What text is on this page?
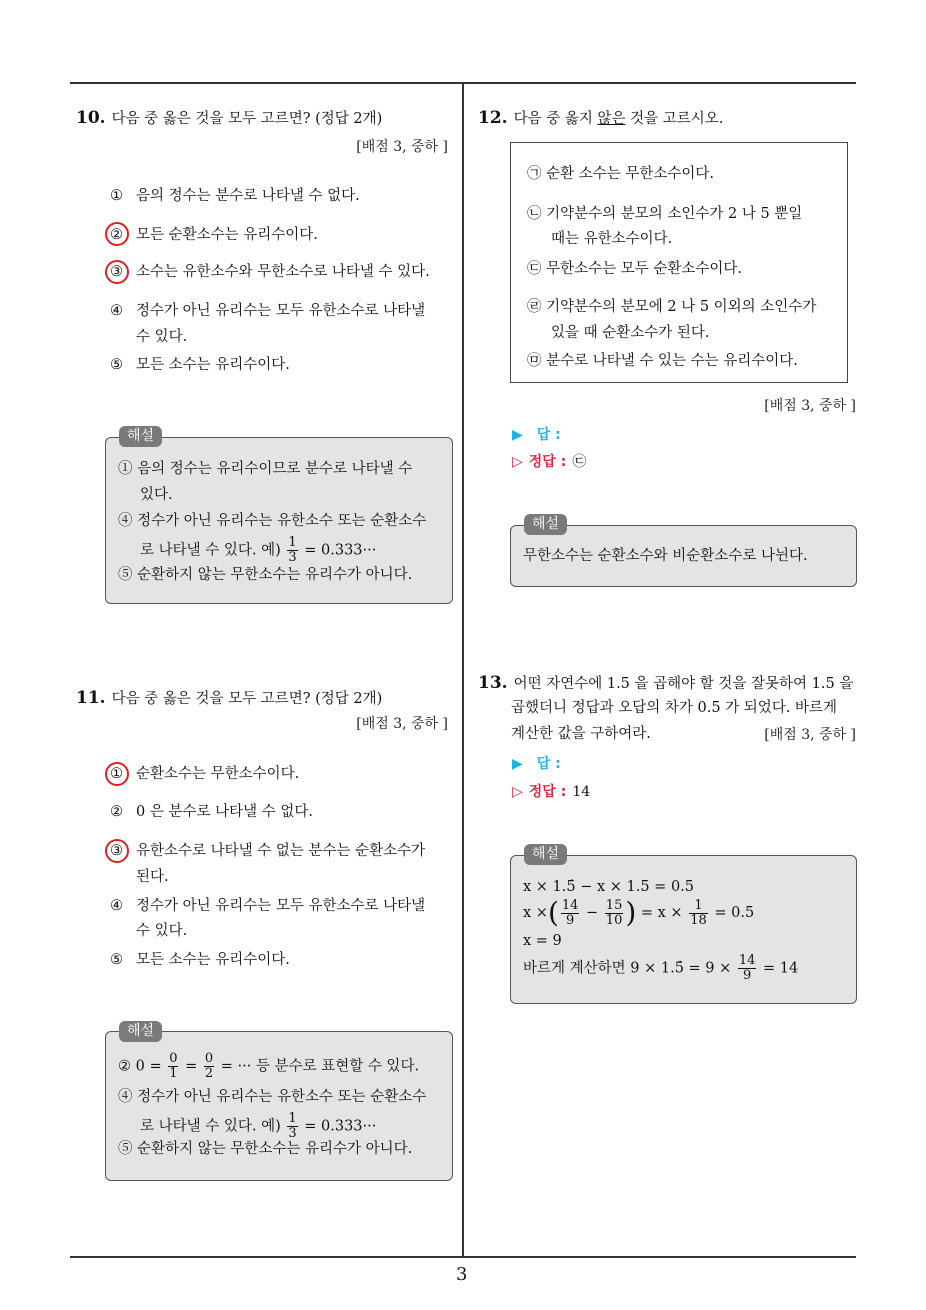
3
10. 다음 중 옳은 것을 모두 고르면? (정답 2개)
[배점 3, 중하 ]
① 음의 정수는 분수로 나타낼 수 없다.
② 모든 순환소수는 유리수이다.
③ 소수는 유한소수와 무한소수로 나타낼 수 있다.
④ 정수가 아닌 유리수는 모두 유한소수로 나타낼
수 있다.
⑤ 모든 소수는 유리수이다.
① 음의 정수는 유리수이므로 분수로 나타낼 수
있다.
④ 정수가 아닌 유리수는 유한소수 또는 순환소수
로 나타낼 수 있다. 예) $\frac{1}{3} = 0.333\cdot\cdot\cdot$
⑤ 순환하지 않는 무한소수는 유리수가 아니다.
해설
11. 다음 중 옳은 것을 모두 고르면? (정답 2개)
[배점 3, 중하 ]
① 순환소수는 무한소수이다.
② 0 은 분수로 나타낼 수 없다.
③ 유한소수로 나타낼 수 없는 분수는 순환소수가
된다.
④ 정수가 아닌 유리수는 모두 유한소수로 나타낼
수 있다.
⑤ 모든 소수는 유리수이다.
② $0 = \frac{0}{1} = \frac{0}{2}$ = ··· 등 분수로 표현할 수 있다.
④ 정수가 아닌 유리수는 유한소수 또는 순환소수
로 나타낼 수 있다. 예) $\frac{1}{3} = 0.333\cdot\cdot\cdot$
⑤ 순환하지 않는 무한소수는 유리수가 아니다.
해설
12. 다음 중 옳지 않은 것을 고르시오.
㉠ 순환 소수는 무한소수이다.
㉡ 기약분수의 분모의 소인수가 2 나 5 뿐일
때는 유한소수이다.
㉢ 무한소수는 모두 순환소수이다.
㉣ 기약분수의 분모에 2 나 5 이외의 소인수가
있을 때 순환소수가 된다.
㉤ 분수로 나타낼 수 있는 수는 유리수이다.
[배점 3, 중하 ]
▶ 답 :
▷ 정답 : ㉢
무한소수는 순환소수와 비순환소수로 나뉜다.
해설
13. 어떤 자연수에 1.5 을 곱해야 할 것을 잘못하여 1.5 을
곱했더니 정답과 오답의 차가 0.5 가 되었다. 바르게
계산한 값을 구하여라.	[배점 3, 중하 ]
▶ 답 :
▷ 정답 : 14
x × 1.5̇ − x × 1.5 = 0.5
x ×( $\frac{14}{9} - \frac{15}{10}$ ) = $x \times \frac{1}{18} = 0.5$
x = 9
바르게 계산하면 9 × 1.5̇ = $9 \times \frac{14}{9} = 14$
해설
